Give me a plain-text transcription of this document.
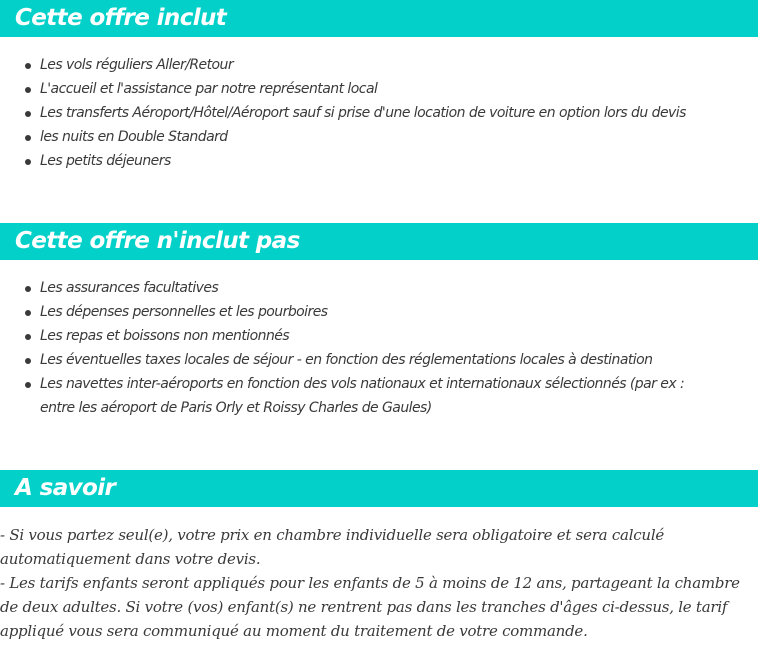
Cette offre inclut
Les vols réguliers Aller/Retour
L'accueil et l'assistance par notre représentant local
Les transferts Aéroport/Hôtel/Aéroport sauf si prise d'une location de voiture en option lors du devis
les nuits en Double Standard
Les petits déjeuners
Cette offre n'inclut pas
Les assurances facultatives
Les dépenses personnelles et les pourboires
Les repas et boissons non mentionnés
Les éventuelles taxes locales de séjour - en fonction des réglementations locales à destination
Les navettes inter-aéroports en fonction des vols nationaux et internationaux sélectionnés (par ex : entre les aéroport de Paris Orly et Roissy Charles de Gaules)
A savoir

- Si vous partez seul(e), votre prix en chambre individuelle sera obligatoire et sera calculé automatiquement dans votre devis.

- Les tarifs enfants seront appliqués pour les enfants de 5 à moins de 12 ans, partageant la chambre de deux adultes. Si votre (vos) enfant(s) ne rentrent pas dans les tranches d'âges ci-dessus, le tarif appliqué vous sera communiqué au moment du traitement de votre commande.
